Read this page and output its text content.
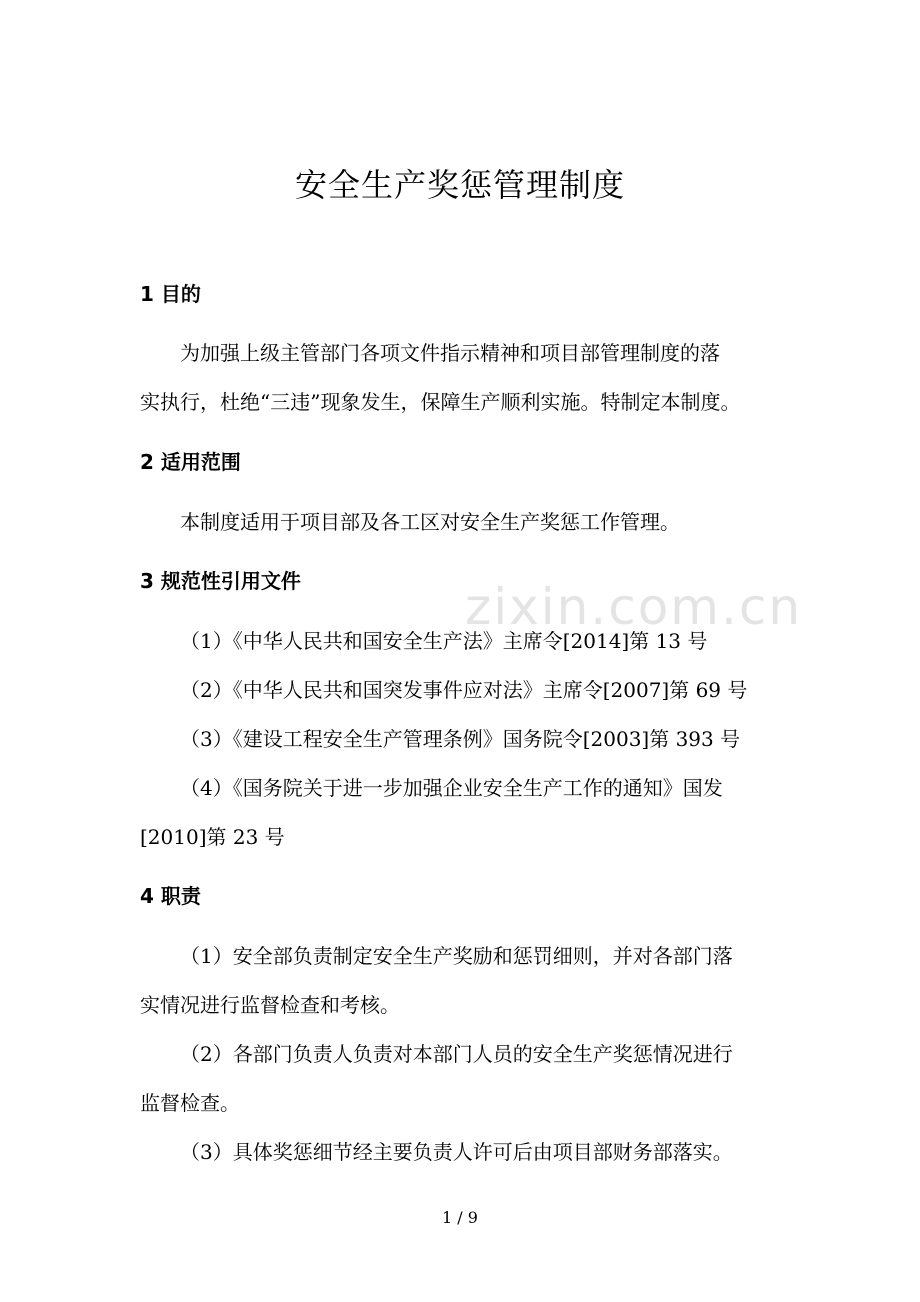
安全生产奖惩管理制度
1 目的
为加强上级主管部门各项文件指示精神和项目部管理制度的落
实执行，杜绝“三违”现象发生，保障生产顺利实施。特制定本制度。
2 适用范围
本制度适用于项目部及各工区对安全生产奖惩工作管理。
3 规范性引用文件
（1）《中华人民共和国安全生产法》主席令[2014]第 13 号
（2）《中华人民共和国突发事件应对法》主席令[2007]第 69 号
（3）《建设工程安全生产管理条例》国务院令[2003]第 393 号
（4）《国务院关于进一步加强企业安全生产工作的通知》国发
[2010]第 23 号
4 职责
（1）安全部负责制定安全生产奖励和惩罚细则，并对各部门落
实情况进行监督检查和考核。
（2）各部门负责人负责对本部门人员的安全生产奖惩情况进行
监督检查。
（3）具体奖惩细节经主要负责人许可后由项目部财务部落实。
zixin.com.cn
1 / 9
